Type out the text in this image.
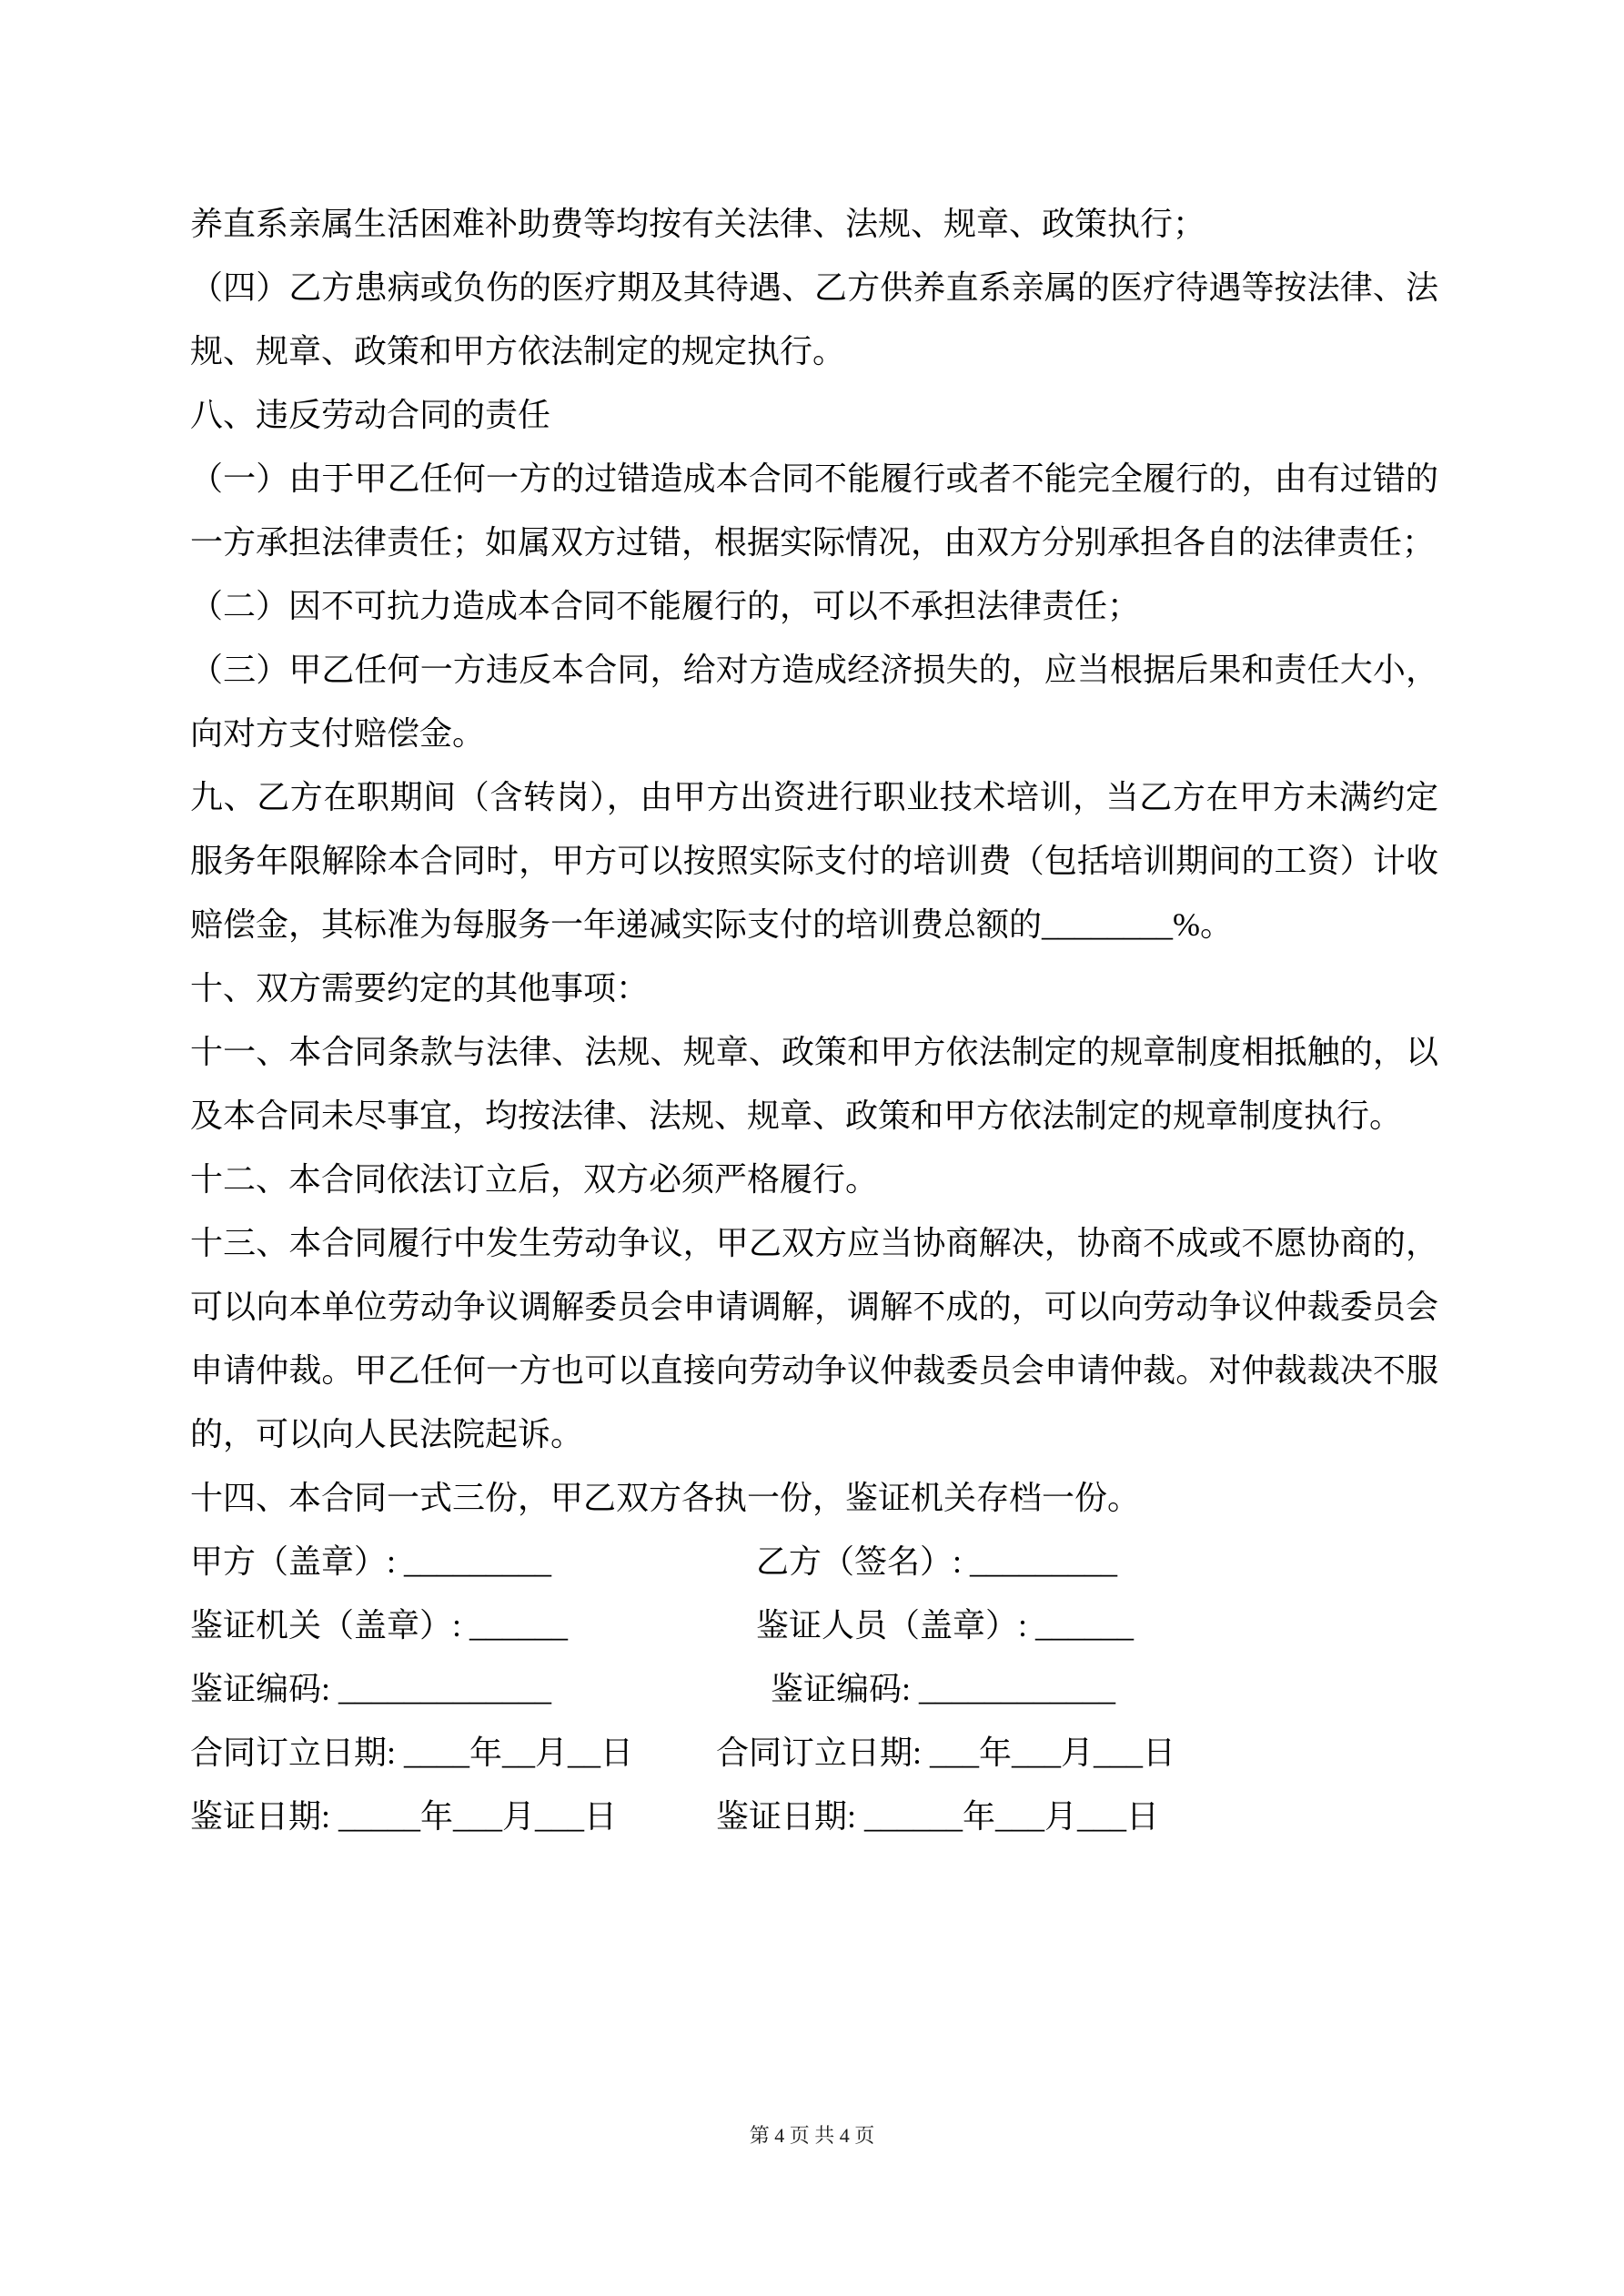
养直系亲属生活困难补助费等均按有关法律、法规、规章、政策执行；

（四）乙方患病或负伤的医疗期及其待遇、乙方供养直系亲属的医疗待遇等按法律、法规、规章、政策和甲方依法制定的规定执行。

八、违反劳动合同的责任

（一）由于甲乙任何一方的过错造成本合同不能履行或者不能完全履行的，由有过错的一方承担法律责任；如属双方过错，根据实际情况，由双方分别承担各自的法律责任；

（二）因不可抗力造成本合同不能履行的，可以不承担法律责任；

（三）甲乙任何一方违反本合同，给对方造成经济损失的，应当根据后果和责任大小，向对方支付赔偿金。

九、乙方在职期间（含转岗），由甲方出资进行职业技术培训，当乙方在甲方未满约定服务年限解除本合同时，甲方可以按照实际支付的培训费（包括培训期间的工资）计收赔偿金，其标准为每服务一年递减实际支付的培训费总额的________%。

十、双方需要约定的其他事项：

十一、本合同条款与法律、法规、规章、政策和甲方依法制定的规章制度相抵触的，以及本合同未尽事宜，均按法律、法规、规章、政策和甲方依法制定的规章制度执行。

十二、本合同依法订立后，双方必须严格履行。

十三、本合同履行中发生劳动争议，甲乙双方应当协商解决，协商不成或不愿协商的，可以向本单位劳动争议调解委员会申请调解，调解不成的，可以向劳动争议仲裁委员会申请仲裁。甲乙任何一方也可以直接向劳动争议仲裁委员会申请仲裁。对仲裁裁决不服的，可以向人民法院起诉。

十四、本合同一式三份，甲乙双方各执一份，鉴证机关存档一份。

甲方（盖章）: _________	乙方（签名）: _________
鉴证机关（盖章）: ______	鉴证人员（盖章）: ______
鉴证编码: _____________	鉴证编码: ____________
合同订立日期: ____年__月__日	合同订立日期: ___年___月___日
鉴证日期: _____年___月___日	鉴证日期: ______年___月___日
第 4 页 共 4 页
